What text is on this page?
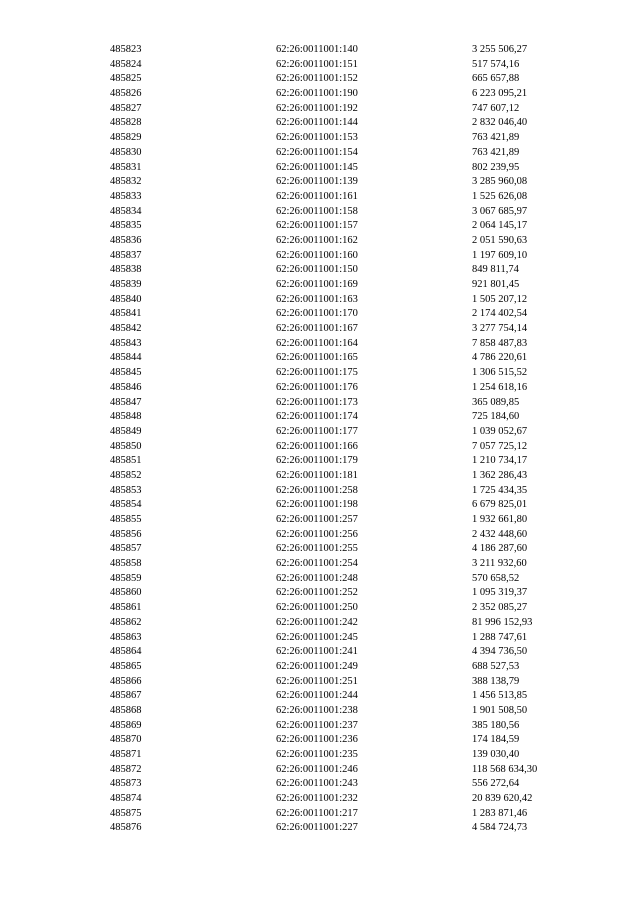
485823	62:26:0011001:140	3 255 506,27
485824	62:26:0011001:151	517 574,16
485825	62:26:0011001:152	665 657,88
485826	62:26:0011001:190	6 223 095,21
485827	62:26:0011001:192	747 607,12
485828	62:26:0011001:144	2 832 046,40
485829	62:26:0011001:153	763 421,89
485830	62:26:0011001:154	763 421,89
485831	62:26:0011001:145	802 239,95
485832	62:26:0011001:139	3 285 960,08
485833	62:26:0011001:161	1 525 626,08
485834	62:26:0011001:158	3 067 685,97
485835	62:26:0011001:157	2 064 145,17
485836	62:26:0011001:162	2 051 590,63
485837	62:26:0011001:160	1 197 609,10
485838	62:26:0011001:150	849 811,74
485839	62:26:0011001:169	921 801,45
485840	62:26:0011001:163	1 505 207,12
485841	62:26:0011001:170	2 174 402,54
485842	62:26:0011001:167	3 277 754,14
485843	62:26:0011001:164	7 858 487,83
485844	62:26:0011001:165	4 786 220,61
485845	62:26:0011001:175	1 306 515,52
485846	62:26:0011001:176	1 254 618,16
485847	62:26:0011001:173	365 089,85
485848	62:26:0011001:174	725 184,60
485849	62:26:0011001:177	1 039 052,67
485850	62:26:0011001:166	7 057 725,12
485851	62:26:0011001:179	1 210 734,17
485852	62:26:0011001:181	1 362 286,43
485853	62:26:0011001:258	1 725 434,35
485854	62:26:0011001:198	6 679 825,01
485855	62:26:0011001:257	1 932 661,80
485856	62:26:0011001:256	2 432 448,60
485857	62:26:0011001:255	4 186 287,60
485858	62:26:0011001:254	3 211 932,60
485859	62:26:0011001:248	570 658,52
485860	62:26:0011001:252	1 095 319,37
485861	62:26:0011001:250	2 352 085,27
485862	62:26:0011001:242	81 996 152,93
485863	62:26:0011001:245	1 288 747,61
485864	62:26:0011001:241	4 394 736,50
485865	62:26:0011001:249	688 527,53
485866	62:26:0011001:251	388 138,79
485867	62:26:0011001:244	1 456 513,85
485868	62:26:0011001:238	1 901 508,50
485869	62:26:0011001:237	385 180,56
485870	62:26:0011001:236	174 184,59
485871	62:26:0011001:235	139 030,40
485872	62:26:0011001:246	118 568 634,30
485873	62:26:0011001:243	556 272,64
485874	62:26:0011001:232	20 839 620,42
485875	62:26:0011001:217	1 283 871,46
485876	62:26:0011001:227	4 584 724,73
